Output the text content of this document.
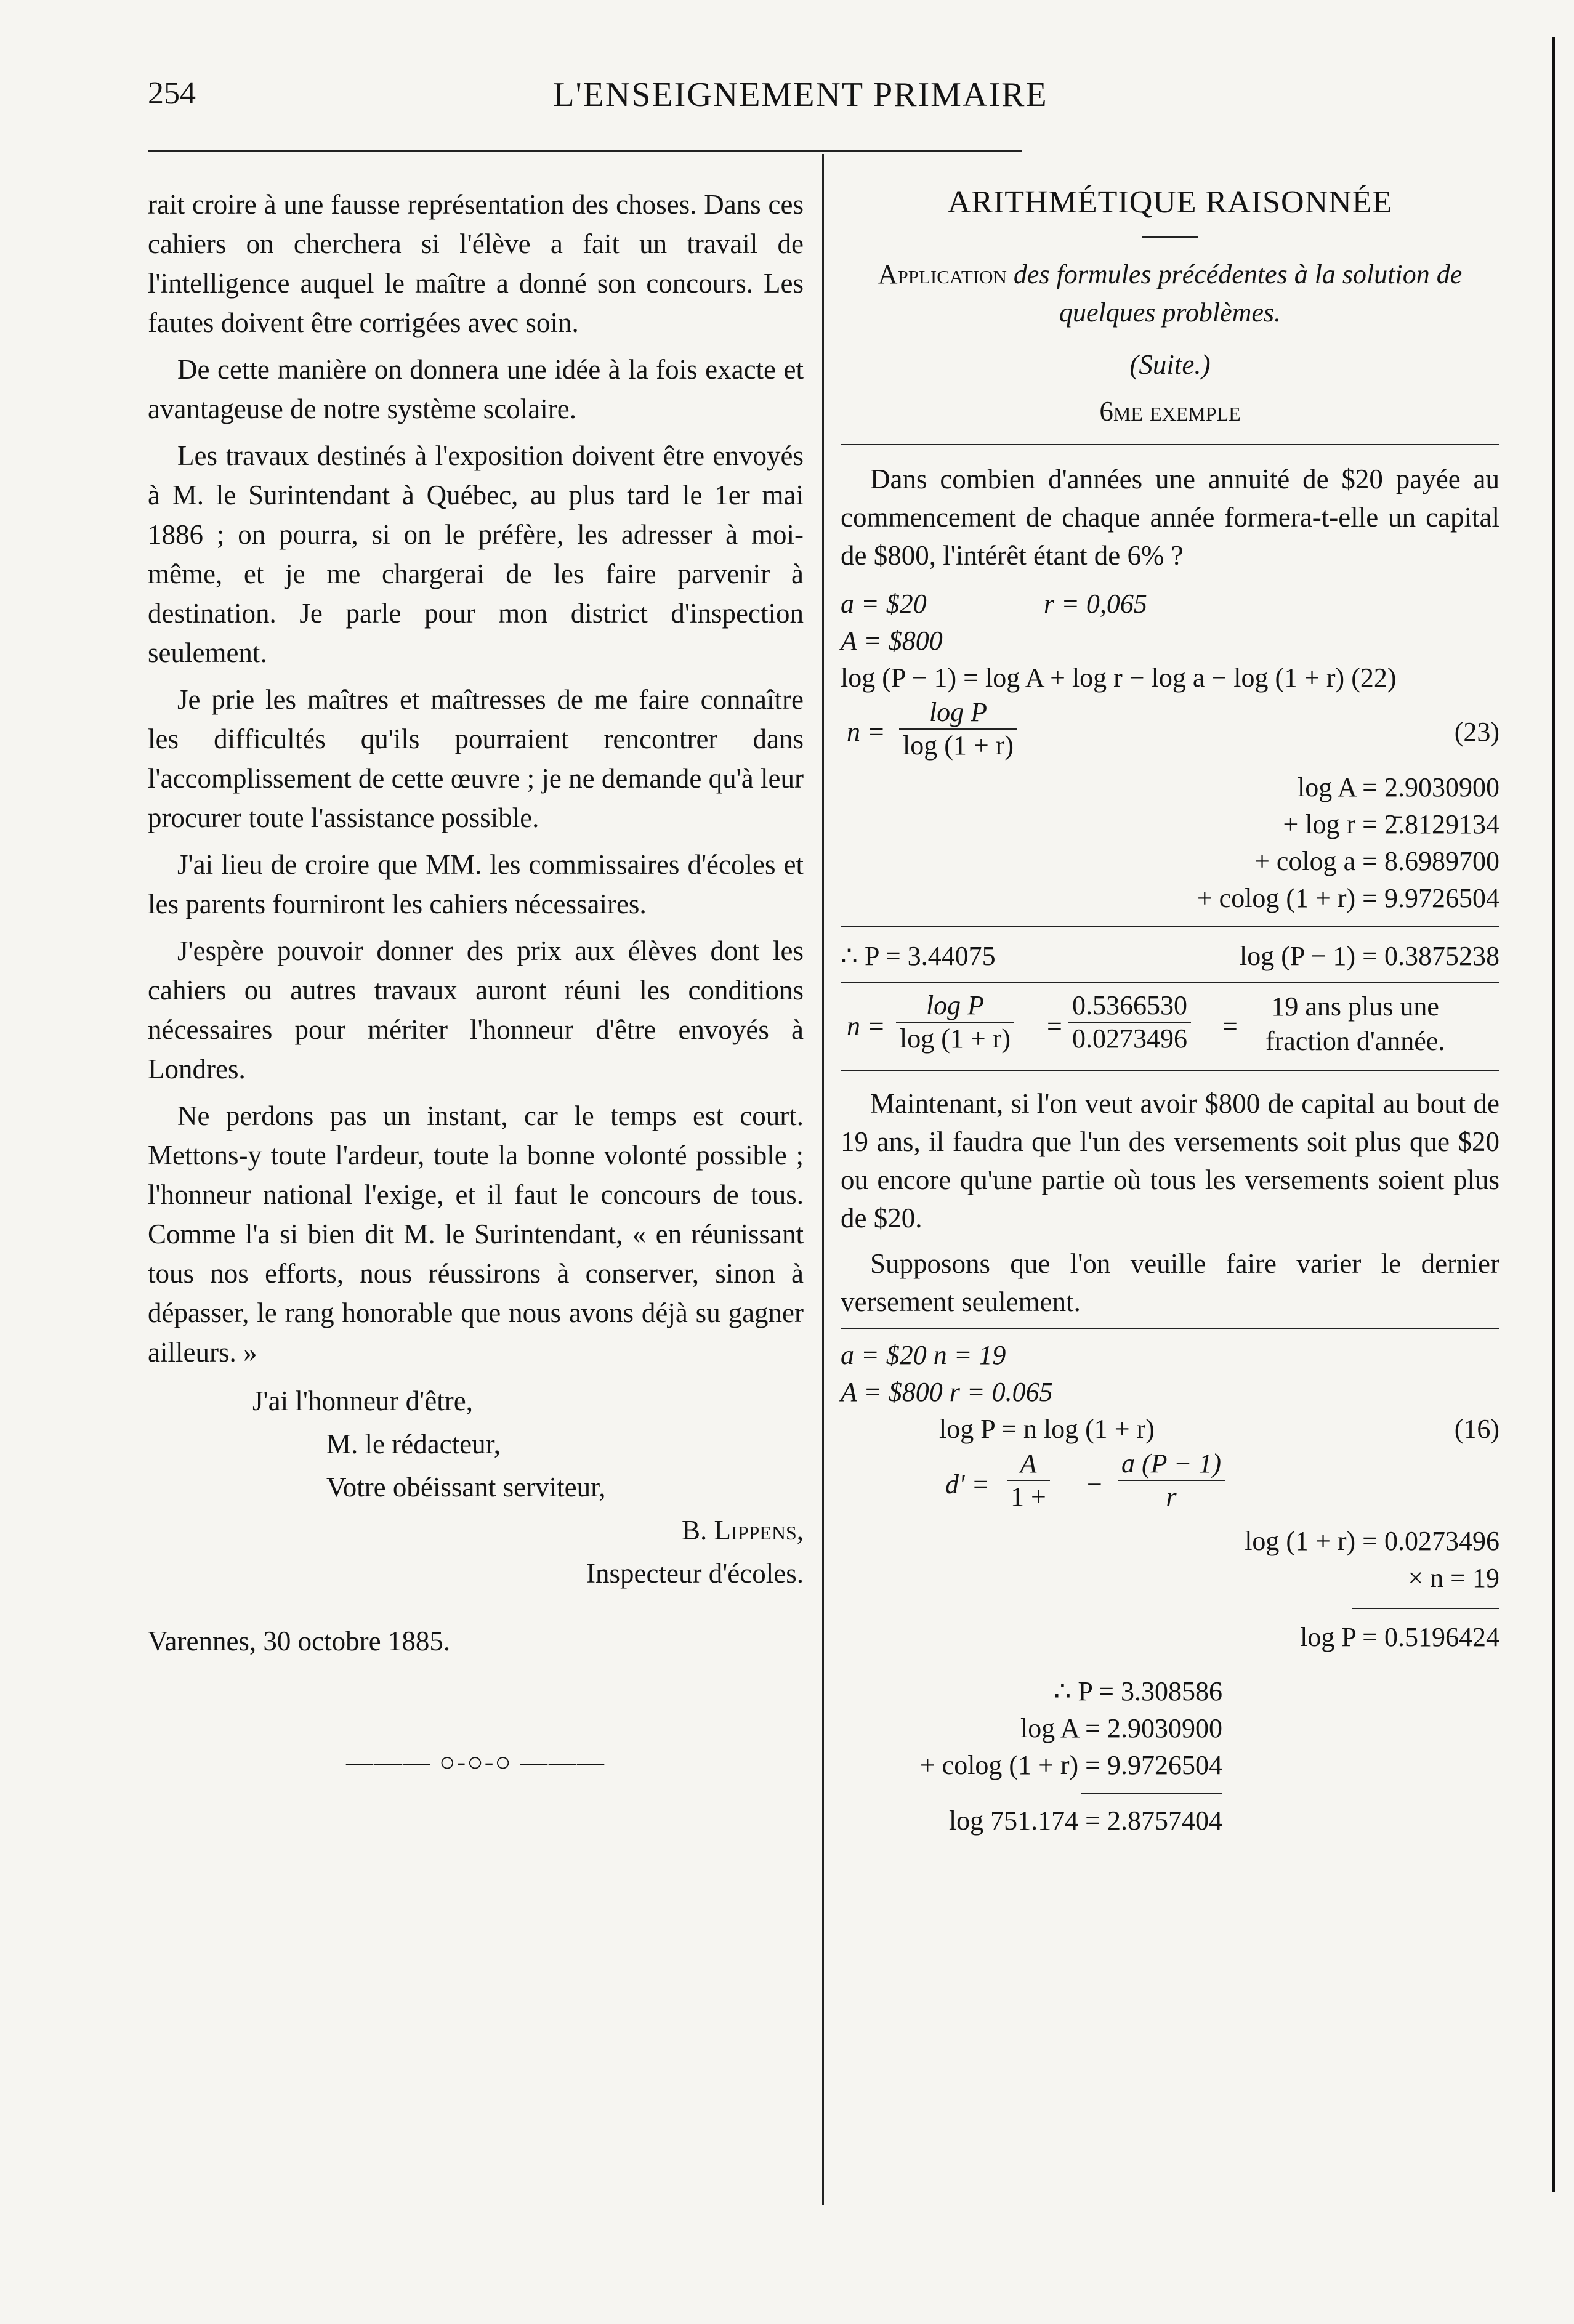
254	L'ENSEIGNEMENT PRIMAIRE

rait croire à une fausse représentation des choses. Dans ces cahiers on cherchera si l'élève a fait un travail de l'intelligence auquel le maître a donné son concours. Les fautes doivent être corrigées avec soin.

De cette manière on donnera une idée à la fois exacte et avantageuse de notre système scolaire.

Les travaux destinés à l'exposition doivent être envoyés à M. le Surintendant à Québec, au plus tard le 1er mai 1886 ; on pourra, si on le préfère, les adresser à moi-même, et je me chargerai de les faire parvenir à destination. Je parle pour mon district d'inspection seulement.

Je prie les maîtres et maîtresses de me faire connaître les difficultés qu'ils pourraient rencontrer dans l'accomplissement de cette œuvre ; je ne demande qu'à leur procurer toute l'assistance possible.

J'ai lieu de croire que MM. les commissaires d'écoles et les parents fourniront les cahiers nécessaires.

J'espère pouvoir donner des prix aux élèves dont les cahiers ou autres travaux auront réuni les conditions nécessaires pour mériter l'honneur d'être envoyés à Londres.

Ne perdons pas un instant, car le temps est court. Mettons-y toute l'ardeur, toute la bonne volonté possible ; l'honneur national l'exige, et il faut le concours de tous. Comme l'a si bien dit M. le Surintendant, « en réunissant tous nos efforts, nous réussirons à conserver, sinon à dépasser, le rang honorable que nous avons déjà su gagner ailleurs. »

J'ai l'honneur d'être,
M. le rédacteur,
Votre obéissant serviteur,
B. Lippens,
Inspecteur d'écoles.
Varennes, 30 octobre 1885.
——— ○-○-○ ———
ARITHMÉTIQUE RAISONNÉE
Application des formules précédentes à la solution de quelques problèmes.
(Suite.)
6me exemple

Dans combien d'années une annuité de $20 payée au commencement de chaque année formera-t-elle un capital de $800, l'intérêt étant de 6% ?

a = $20	r = 0,065
A = $800
log (P − 1) = log A + log r − log a − log (1 + r) (22)
$n = \frac{\text{log P}}{\log (1 + r)}$	(23)
log A = 2.9030900
+ log r = 2̄.8129134
+ colog a = 8.6989700
+ colog (1 + r) = 9.9726504
∴ P = 3.44075	log (P − 1) = 0.3875238
$n = \frac{\text{log P}}{\log (1 + r)} = \frac{0.5366530}{0.0273496}$ =
19 ans plus une
fraction d'année.

Maintenant, si l'on veut avoir $800 de capital au bout de 19 ans, il faudra que l'un des versements soit plus que $20 ou encore qu'une partie où tous les versements soient plus de $20.

Supposons que l'on veuille faire varier le dernier versement seulement.

a = $20 n = 19
A = $800 r = 0.065
log P = n log (1 + r)	(16)
$d' = \frac{A}{1 +} - \frac{a (P - 1)}{r}$
log (1 + r) = 0.0273496
× n = 19
log P = 0.5196424
∴ P = 3.308586
log A = 2.9030900
+ colog (1 + r) = 9.9726504
log 751.174 = 2.8757404
